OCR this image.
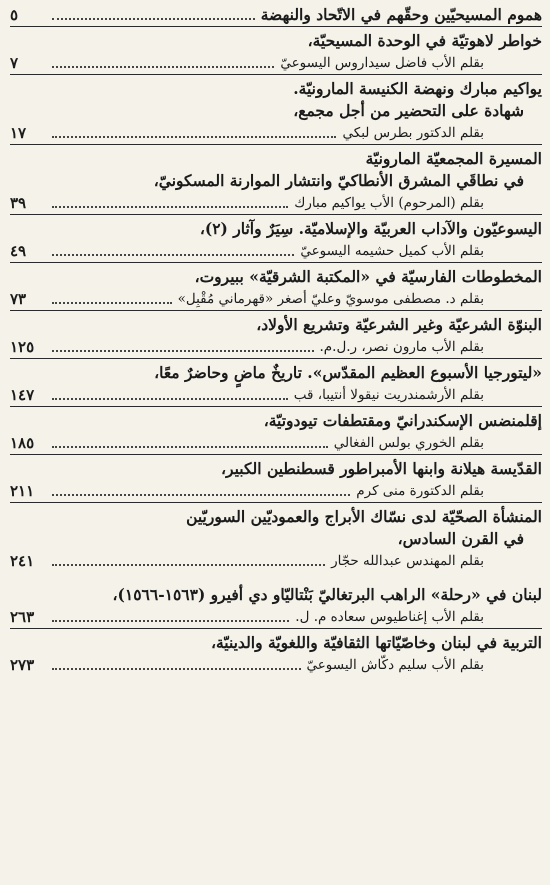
هموم المسيحيّين وحقّهم في الاتّحاد والنهضة
٥
خواطر لاهوتيّة في الوحدة المسيحيّة،
بقلم الأب فاضل سيداروس اليسوعيّ
٧
يواكيم مبارك ونهضة الكنيسة المارونيّة.
شهادة على التحضير من أجل مجمع،
بقلم الدكتور بطرس لبكي
١٧
المسيرة المجمعيّة المارونيّة
في نطاقَي المشرق الأنطاكيّ وانتشار الموارنة المسكونيّ،
بقلم (المرحوم) الأب يواكيم مبارك
٣٩
اليسوعيّون والآداب العربيّة والإسلاميّة. سِيَرٌ وآثار (٢)،
بقلم الأب كميل حشيمه اليسوعيّ
٤٩
المخطوطات الفارسيّة في «المكتبة الشرقيّة» ببيروت،
بقلم د. مصطفى موسويّ وعليّ أصغر «قهرماني مُقْبِل»
٧٣
البنوّة الشرعيّة وغير الشرعيّة وتشريع الأولاد،
بقلم الأب مارون نصر، ر.ل.م.
١٢٥
«ليتورجيا الأسبوع العظيم المقدّس». تاريخٌ ماضٍ وحاضرٌ معًا،
بقلم الأرشمندريت نيقولا أنتيبا، قب
١٤٧
إقلمنضس الإسكندرانيّ ومقتطفات تيودوتيّة،
بقلم الخوري بولس الفغالي
١٨٥
القدّيسة هيلانة وابنها الأمبراطور قسطنطين الكبير،
بقلم الدكتورة منى كرم
٢١١
المنشأة الصحّيّة لدى نسّاك الأبراج والعموديّين السوريّين
في القرن السادس،
بقلم المهندس عبدالله حجّار
٢٤١
لبنان في «رحلة» الراهب البرتغاليّ بَنْتاليّاو دي أفيرو (١٥٦٣-١٥٦٦)،
بقلم الأب إغناطيوس سعاده م. ل.
٢٦٣
التربية في لبنان وخاصّيّاتها الثقافيّة واللغويّة والدينيّة،
بقلم الأب سليم دكّاش اليسوعيّ
٢٧٣
